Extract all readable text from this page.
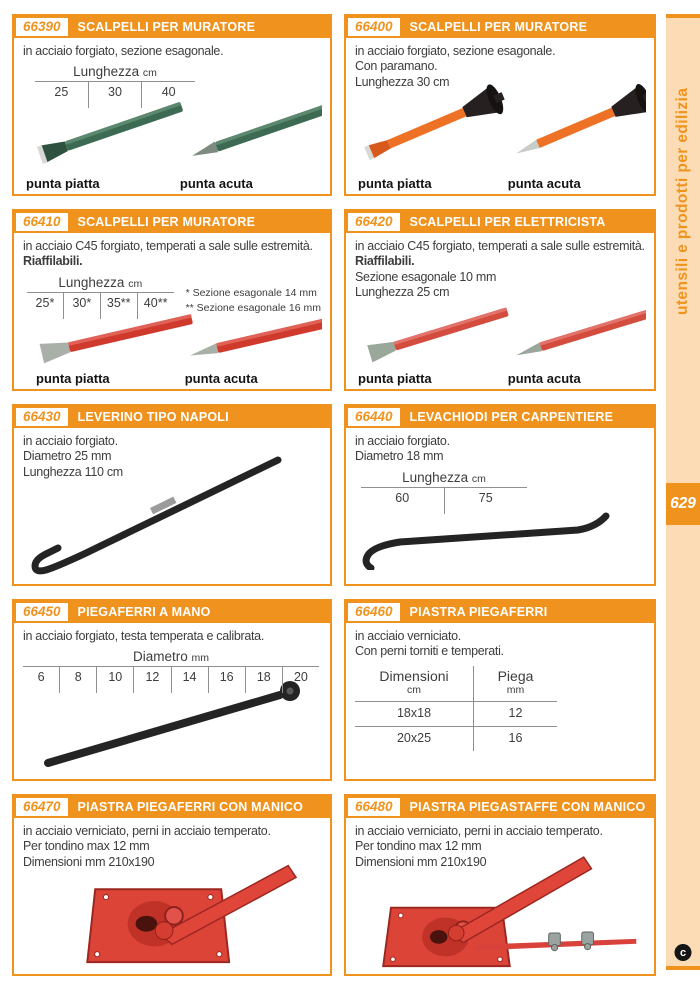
66390	SCALPELLI PER MURATORE
in acciaio forgiato, sezione esagonale.
Lunghezza cm
25	30	40
punta piatta	punta acuta
66400	SCALPELLI PER MURATORE
in acciaio forgiato, sezione esagonale.
Con paramano.
Lunghezza 30 cm
punta piatta	punta acuta
66410	SCALPELLI PER MURATORE
in acciaio C45 forgiato, temperati a sale sulle estremità.
Riaffilabili.
Lunghezza cm
25*	30*	35**	40**
* Sezione esagonale 14 mm
** Sezione esagonale 16 mm
punta piatta	punta acuta
66420	SCALPELLI PER ELETTRICISTA
in acciaio C45 forgiato, temperati a sale sulle estremità.
Riaffilabili.
Sezione esagonale 10 mm
Lunghezza 25 cm
punta piatta	punta acuta
66430	LEVERINO TIPO NAPOLI
in acciaio forgiato.
Diametro 25 mm
Lunghezza 110 cm
66440	LEVACHIODI PER CARPENTIERE
in acciaio forgiato.
Diametro 18 mm
Lunghezza cm
60	75
66450	PIEGAFERRI A MANO
in acciaio forgiato, testa temperata e calibrata.
Diametro mm
6	8	10	12	14	16	18	20
66460	PIASTRA PIEGAFERRI
in acciaio verniciato.
Con perni torniti e temperati.
Dimensioni
cm
Piega
mm
18x18	12
20x25	16
66470	PIASTRA PIEGAFERRI CON MANICO
in acciaio verniciato, perni in acciaio temperato.
Per tondino max 12 mm
Dimensioni mm 210x190
66480	PIASTRA PIEGASTAFFE CON MANICO
in acciaio verniciato, perni in acciaio temperato.
Per tondino max 12 mm
Dimensioni mm 210x190
utensili e prodotti per edilizia
629
c
